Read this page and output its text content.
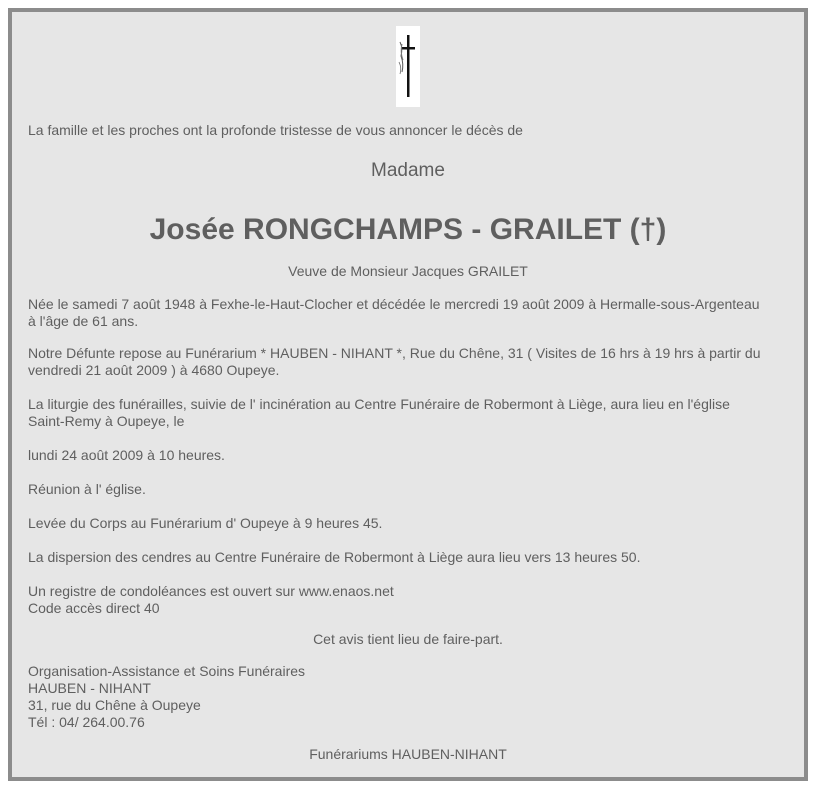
La famille et les proches ont la profonde tristesse de vous annoncer le décès de
Madame
Josée RONGCHAMPS - GRAILET (†)
Veuve de Monsieur Jacques GRAILET
Née le samedi 7 août 1948 à Fexhe-le-Haut-Clocher et décédée le mercredi 19 août 2009 à Hermalle-sous-Argenteau
à l'âge de 61 ans.
Notre Défunte repose au Funérarium * HAUBEN - NIHANT *, Rue du Chêne, 31 ( Visites de 16 hrs à 19 hrs à partir du
vendredi 21 août 2009 ) à 4680 Oupeye.
La liturgie des funérailles, suivie de l' incinération au Centre Funéraire de Robermont à Liège, aura lieu en l'église
Saint-Remy à Oupeye, le
lundi 24 août 2009 à 10 heures.
Réunion à l' église.
Levée du Corps au Funérarium d' Oupeye à 9 heures 45.
La dispersion des cendres au Centre Funéraire de Robermont à Liège aura lieu vers 13 heures 50.
Un registre de condoléances est ouvert sur www.enaos.net
Code accès direct 40
Cet avis tient lieu de faire-part.
Organisation-Assistance et Soins Funéraires
HAUBEN - NIHANT
31, rue du Chêne à Oupeye
Tél : 04/ 264.00.76
Funérariums HAUBEN-NIHANT
